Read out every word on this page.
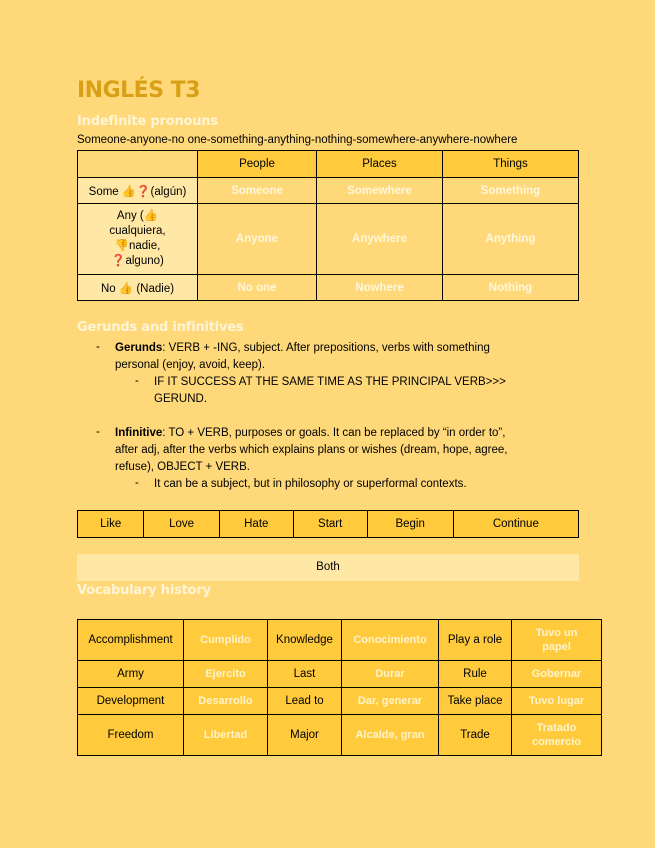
INGLÉS T3
Indefinite pronouns
Someone-anyone-no one-something-anything-nothing-somewhere-anywhere-nowhere
	People	Places	Things
Some 👍❓(algún)	Someone	Somewhere	Something
Any (👍
cualquiera,
👎nadie,
❓alguno)	Anyone	Anywhere	Anything
No 👍 (Nadie)	No one	Nowhere	Nothing
Gerunds and infinitives
- Gerunds: VERB + -ING, subject. After prepositions, verbs with something
personal (enjoy, avoid, keep).
- IF IT SUCCESS AT THE SAME TIME AS THE PRINCIPAL VERB>>>
GERUND.
- Infinitive: TO + VERB, purposes or goals. It can be replaced by “in order to”,
after adj, after the verbs which explains plans or wishes (dream, hope, agree,
refuse), OBJECT + VERB.
- It can be a subject, but in philosophy or superformal contexts.
Like	Love	Hate	Start	Begin	Continue
Both
Vocabulary history
Accomplishment	Cumplido	Knowledge	Conocimiento	Play a role	Tuvo un
papel
Army	Ejercito	Last	Durar	Rule	Gobernar
Development	Desarrollo	Lead to	Dar, generar	Take place	Tuvo lugar
Freedom	Libertad	Major	Alcalde, gran	Trade	Tratado
comercio
